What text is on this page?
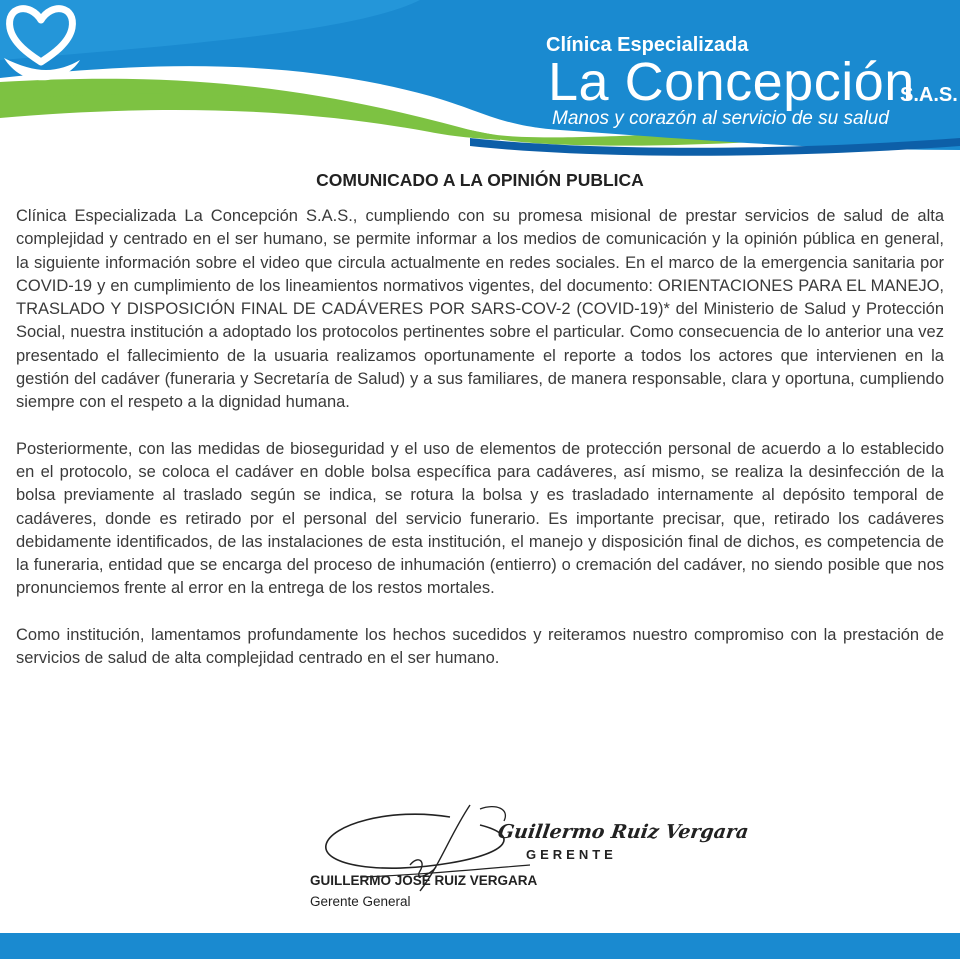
Clínica Especializada
La Concepción
S.A.S.
Manos y corazón al servicio de su salud
COMUNICADO A LA OPINIÓN PUBLICA

Clínica Especializada La Concepción S.A.S., cumpliendo con su promesa misional de prestar servicios de salud de alta complejidad y centrado en el ser humano, se permite informar a los medios de comunicación y la opinión pública en general, la siguiente información sobre el video que circula actualmente en redes sociales. En el marco de la emergencia sanitaria por COVID-19 y en cumplimiento de los lineamientos normativos vigentes, del documento: ORIENTACIONES PARA EL MANEJO, TRASLADO Y DISPOSICIÓN FINAL DE CADÁVERES POR SARS-COV-2 (COVID-19)* del Ministerio de Salud y Protección Social, nuestra institución a adoptado los protocolos pertinentes sobre el particular. Como consecuencia de lo anterior una vez presentado el fallecimiento de la usuaria realizamos oportunamente el reporte a todos los actores que intervienen en la gestión del cadáver (funeraria y Secretaría de Salud) y a sus familiares, de manera responsable, clara y oportuna, cumpliendo siempre con el respeto a la dignidad humana.

Posteriormente, con las medidas de bioseguridad y el uso de elementos de protección personal de acuerdo a lo establecido en el protocolo, se coloca el cadáver en doble bolsa específica para cadáveres, así mismo, se realiza la desinfección de la bolsa previamente al traslado según se indica, se rotura la bolsa y es trasladado internamente al depósito temporal de cadáveres, donde es retirado por el personal del servicio funerario. Es importante precisar, que, retirado los cadáveres debidamente identificados, de las instalaciones de esta institución, el manejo y disposición final de dichos, es competencia de la funeraria, entidad que se encarga del proceso de inhumación (entierro) o cremación del cadáver, no siendo posible que nos pronunciemos frente al error en la entrega de los restos mortales.

Como institución, lamentamos profundamente los hechos sucedidos y reiteramos nuestro compromiso con la prestación de servicios de salud de alta complejidad centrado en el ser humano.

Guillermo Ruiz Vergara
GERENTE
GUILLERMO JOSÉ RUIZ VERGARA
Gerente General
